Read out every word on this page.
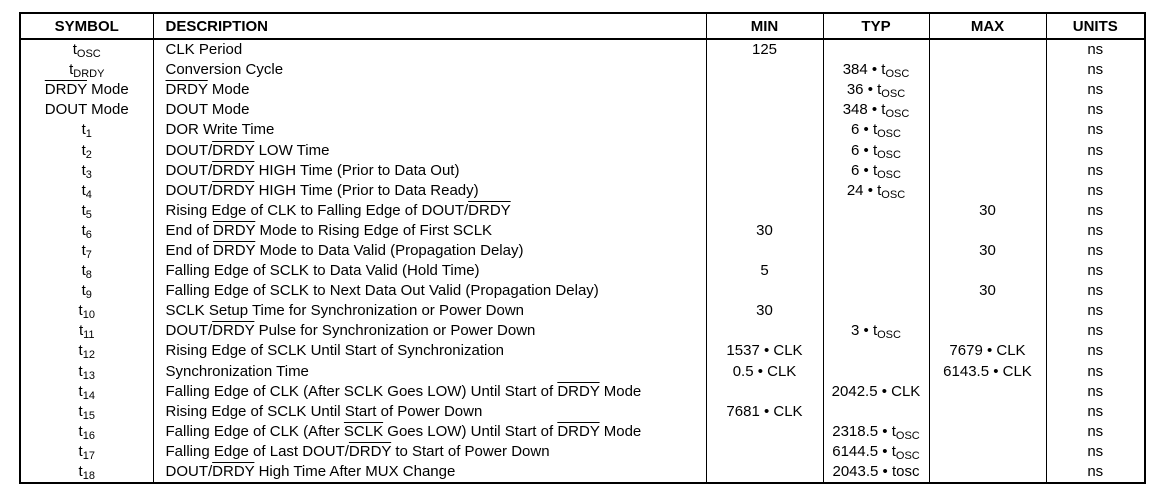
SYMBOL	DESCRIPTION	MIN	TYP	MAX	UNITS
$t_{OSC}$	CLK Period	125			ns
$t_{DRDY}$	Conversion Cycle		384 • $t_{OSC}$		ns
DRDY Mode	DRDY Mode		36 • $t_{OSC}$		ns
DOUT Mode	DOUT Mode		348 • $t_{OSC}$		ns
$t_1$	DOR Write Time		6 • $t_{OSC}$		ns
$t_2$	DOUT/DRDY LOW Time		6 • $t_{OSC}$		ns
$t_3$	DOUT/DRDY HIGH Time (Prior to Data Out)		6 • $t_{OSC}$		ns
$t_4$	DOUT/DRDY HIGH Time (Prior to Data Ready)		24 • $t_{OSC}$		ns
$t_5$	Rising Edge of CLK to Falling Edge of DOUT/DRDY			30	ns
$t_6$	End of DRDY Mode to Rising Edge of First SCLK	30			ns
$t_7$	End of DRDY Mode to Data Valid (Propagation Delay)			30	ns
$t_8$	Falling Edge of SCLK to Data Valid (Hold Time)	5			ns
$t_9$	Falling Edge of SCLK to Next Data Out Valid (Propagation Delay)			30	ns
$t_{10}$	SCLK Setup Time for Synchronization or Power Down	30			ns
$t_{11}$	DOUT/DRDY Pulse for Synchronization or Power Down		3 • $t_{OSC}$		ns
$t_{12}$	Rising Edge of SCLK Until Start of Synchronization	1537 • CLK		7679 • CLK	ns
$t_{13}$	Synchronization Time	0.5 • CLK		6143.5 • CLK	ns
$t_{14}$	Falling Edge of CLK (After SCLK Goes LOW) Until Start of DRDY Mode		2042.5 • CLK		ns
$t_{15}$	Rising Edge of SCLK Until Start of Power Down	7681 • CLK			ns
$t_{16}$	Falling Edge of CLK (After SCLK Goes LOW) Until Start of DRDY Mode		2318.5 • $t_{OSC}$		ns
$t_{17}$	Falling Edge of Last DOUT/DRDY to Start of Power Down		6144.5 • $t_{OSC}$		ns
$t_{18}$	DOUT/DRDY High Time After MUX Change		2043.5 • tosc		ns
